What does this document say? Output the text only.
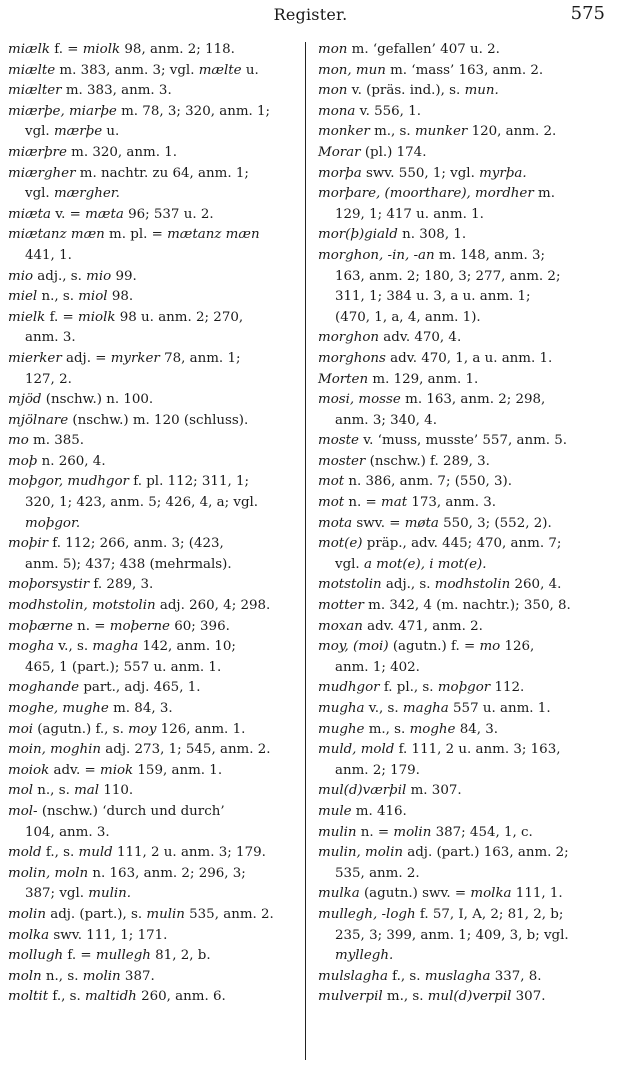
Register.	575
miælk f. = miolk 98, anm. 2; 118.
miælte m. 383, anm. 3; vgl. mælte u.
miælter m. 383, anm. 3.
miærþe, miarþe m. 78, 3; 320, anm. 1;
vgl. mærþe u.
miærþre m. 320, anm. 1.
miærgher m. nachtr. zu 64, anm. 1;
vgl. mærgher.
miæta v. = mæta 96; 537 u. 2.
miætanz mæn m. pl. = mætanz mæn
441, 1.
mio adj., s. mio 99.
miel n., s. miol 98.
mielk f. = miolk 98 u. anm. 2; 270,
anm. 3.
mierker adj. = myrker 78, anm. 1;
127, 2.
mjöd (nschw.) n. 100.
mjölnare (nschw.) m. 120 (schluss).
mo m. 385.
moþ n. 260, 4.
moþgor, mudhgor f. pl. 112; 311, 1;
320, 1; 423, anm. 5; 426, 4, a; vgl.
moþgor.
moþir f. 112; 266, anm. 3; (423,
anm. 5); 437; 438 (mehrmals).
moþorsystir f. 289, 3.
modhstolin, motstolin adj. 260, 4; 298.
moþærne n. = moþerne 60; 396.
mogha v., s. magha 142, anm. 10;
465, 1 (part.); 557 u. anm. 1.
moghande part., adj. 465, 1.
moghe, mughe m. 84, 3.
moi (agutn.) f., s. moy 126, anm. 1.
moin, moghin adj. 273, 1; 545, anm. 2.
moiok adv. = miok 159, anm. 1.
mol n., s. mal 110.
mol- (nschw.) ‘durch und durch’
104, anm. 3.
mold f., s. muld 111, 2 u. anm. 3; 179.
molin, moln n. 163, anm. 2; 296, 3;
387; vgl. mulin.
molin adj. (part.), s. mulin 535, anm. 2.
molka swv. 111, 1; 171.
mollugh f. = mullegh 81, 2, b.
moln n., s. molin 387.
moltit f., s. maltidh 260, anm. 6.
mon m. ‘gefallen’ 407 u. 2.
mon, mun m. ‘mass’ 163, anm. 2.
mon v. (präs. ind.), s. mun.
mona v. 556, 1.
monker m., s. munker 120, anm. 2.
Morar (pl.) 174.
morþa swv. 550, 1; vgl. myrþa.
morþare, (moorthare), mordher m.
129, 1; 417 u. anm. 1.
mor(þ)giald n. 308, 1.
morghon, -in, -an m. 148, anm. 3;
163, anm. 2; 180, 3; 277, anm. 2;
311, 1; 384 u. 3, a u. anm. 1;
(470, 1, a, 4, anm. 1).
morghon adv. 470, 4.
morghons adv. 470, 1, a u. anm. 1.
Morten m. 129, anm. 1.
mosi, mosse m. 163, anm. 2; 298,
anm. 3; 340, 4.
moste v. ‘muss, musste’ 557, anm. 5.
moster (nschw.) f. 289, 3.
mot n. 386, anm. 7; (550, 3).
mot n. = mat 173, anm. 3.
mota swv. = møta 550, 3; (552, 2).
mot(e) präp., adv. 445; 470, anm. 7;
vgl. a mot(e), i mot(e).
motstolin adj., s. modhstolin 260, 4.
motter m. 342, 4 (m. nachtr.); 350, 8.
moxan adv. 471, anm. 2.
moy, (moi) (agutn.) f. = mo 126,
anm. 1; 402.
mudhgor f. pl., s. moþgor 112.
mugha v., s. magha 557 u. anm. 1.
mughe m., s. moghe 84, 3.
muld, mold f. 111, 2 u. anm. 3; 163,
anm. 2; 179.
mul(d)værþil m. 307.
mule m. 416.
mulin n. = molin 387; 454, 1, c.
mulin, molin adj. (part.) 163, anm. 2;
535, anm. 2.
mulka (agutn.) swv. = molka 111, 1.
mullegh, -logh f. 57, I, A, 2; 81, 2, b;
235, 3; 399, anm. 1; 409, 3, b; vgl.
myllegh.
mulslagha f., s. muslagha 337, 8.
mulverpil m., s. mul(d)verpil 307.
